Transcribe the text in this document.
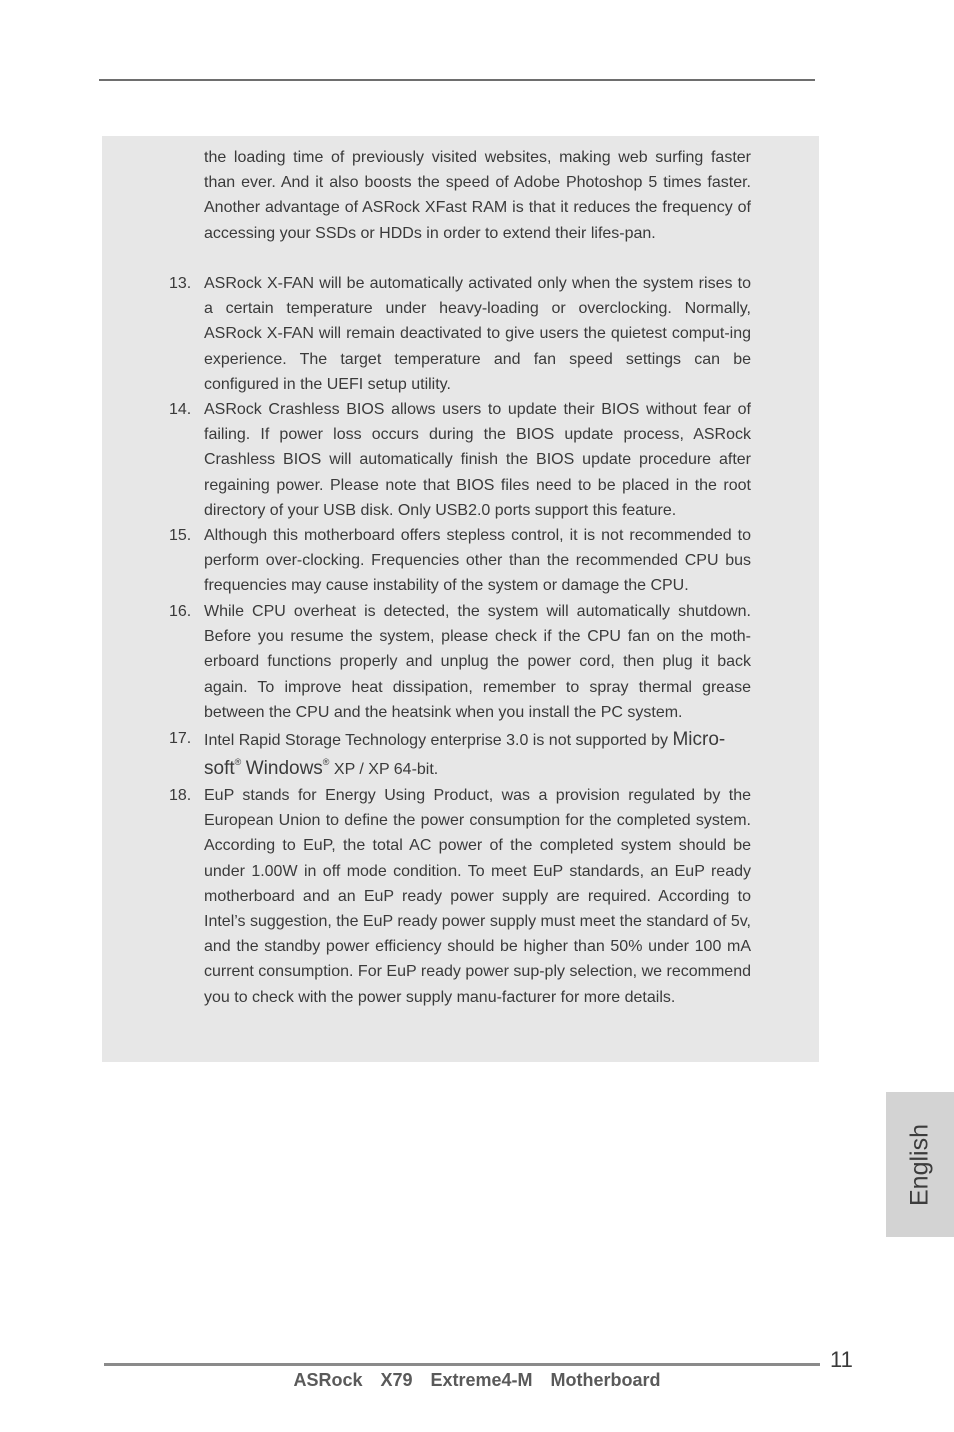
the loading time of previously visited websites, making web surfing faster than ever. And it also boosts the speed of Adobe Photoshop 5 times faster. Another advantage of ASRock XFast RAM is that it reduces the frequency of accessing your SSDs or HDDs in order to extend their lifes-pan.

13. ASRock X-FAN will be automatically activated only when the system rises to a certain temperature under heavy-loading or overclocking. Normally, ASRock X-FAN will remain deactivated to give users the quietest comput-ing experience. The target temperature and fan speed settings can be configured in the UEFI setup utility.

14. ASRock Crashless BIOS allows users to update their BIOS without fear of failing. If power loss occurs during the BIOS update process, ASRock Crashless BIOS will automatically finish the BIOS update procedure after regaining power. Please note that BIOS files need to be placed in the root directory of your USB disk. Only USB2.0 ports support this feature.

15. Although this motherboard offers stepless control, it is not recommended to perform over-clocking. Frequencies other than the recommended CPU bus frequencies may cause instability of the system or damage the CPU.

16. While CPU overheat is detected, the system will automatically shutdown. Before you resume the system, please check if the CPU fan on the moth-erboard functions properly and unplug the power cord, then plug it back again. To improve heat dissipation, remember to spray thermal grease between the CPU and the heatsink when you install the PC system.

17. Intel Rapid Storage Technology enterprise 3.0 is not supported by Micro-
soft® Windows® XP / XP 64-bit.

18. EuP stands for Energy Using Product, was a provision regulated by the European Union to define the power consumption for the completed system. According to EuP, the total AC power of the completed system should be under 1.00W in off mode condition. To meet EuP standards, an EuP ready motherboard and an EuP ready power supply are required. According to Intel’s suggestion, the EuP ready power supply must meet the standard of 5v, and the standby power efficiency should be higher than 50% under 100 mA current consumption. For EuP ready power sup-ply selection, we recommend you to check with the power supply manu-facturer for more details.

English
11
ASRock  X79  Extreme4-M  Motherboard
